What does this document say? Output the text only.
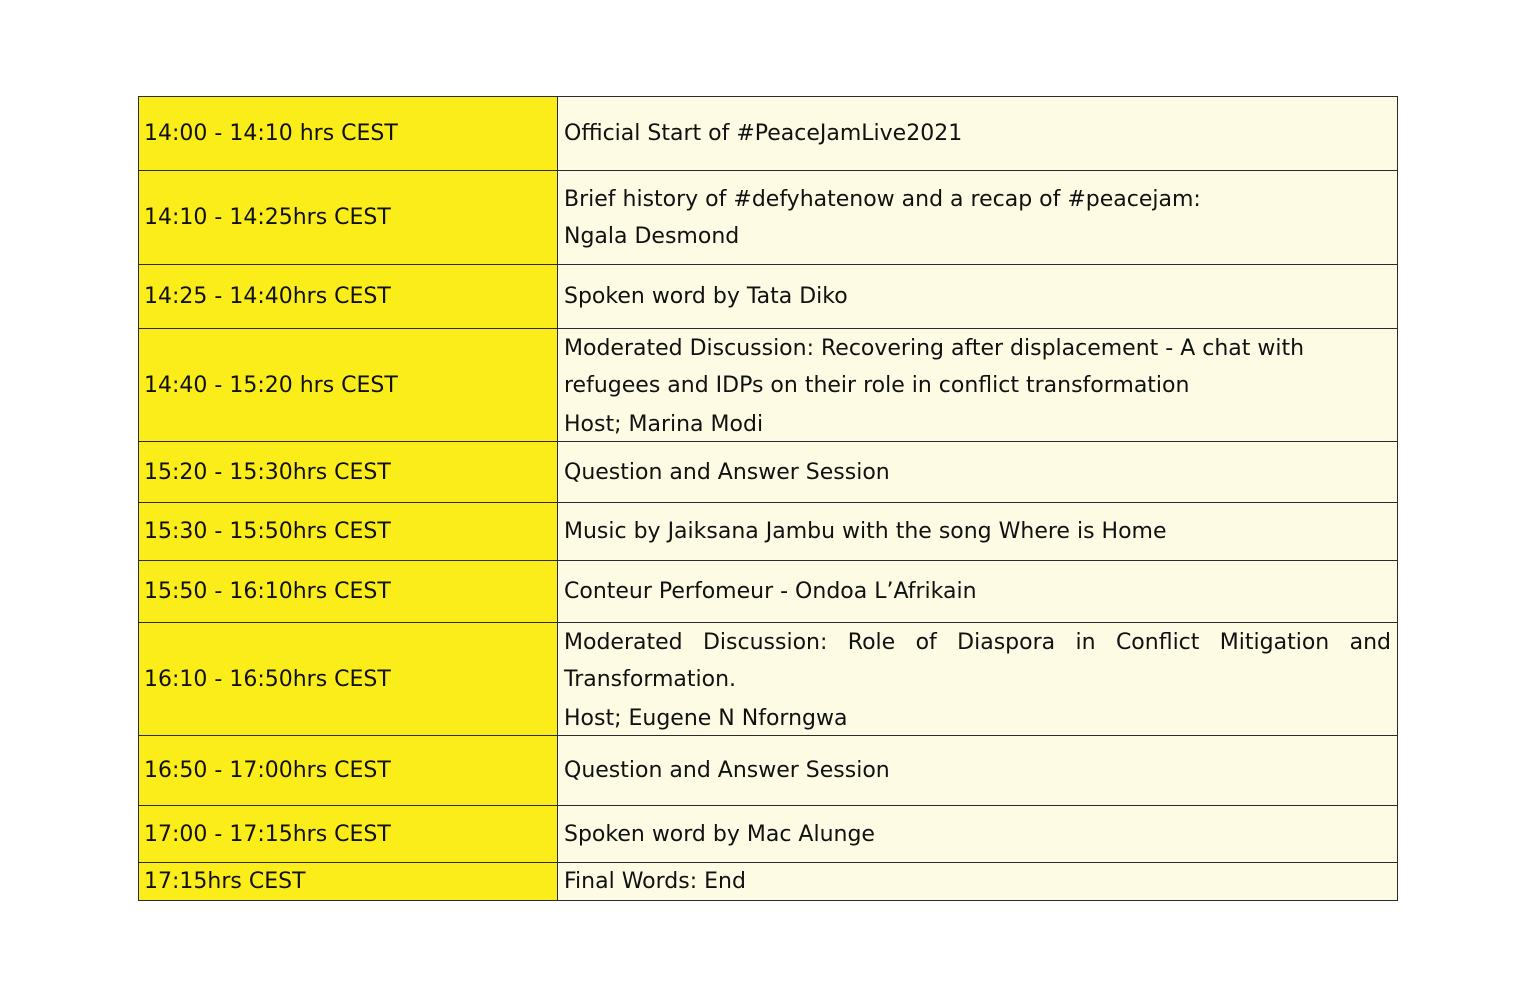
14:00 - 14:10 hrs CEST	Official Start of #PeaceJamLive2021
14:10 - 14:25hrs CEST	Brief history of #defyhatenow and a recap of #peacejam:
Ngala Desmond

14:25 - 14:40hrs CEST	Spoken word by Tata Diko
14:40 - 15:20 hrs CEST	Moderated Discussion: Recovering after displacement - A chat with refugees and IDPs on their role in conflict transformation
Host; Marina Modi

15:20 - 15:30hrs CEST	Question and Answer Session
15:30 - 15:50hrs CEST	Music by Jaiksana Jambu with the song Where is Home
15:50 - 16:10hrs CEST	Conteur Perfomeur - Ondoa L’Afrikain
16:10 - 16:50hrs CEST	Moderated Discussion: Role of Diaspora in Conflict Mitigation and Transformation.
Host; Eugene N Nforngwa

16:50 - 17:00hrs CEST	Question and Answer Session
17:00 - 17:15hrs CEST	Spoken word by Mac Alunge
17:15hrs CEST	Final Words: End
